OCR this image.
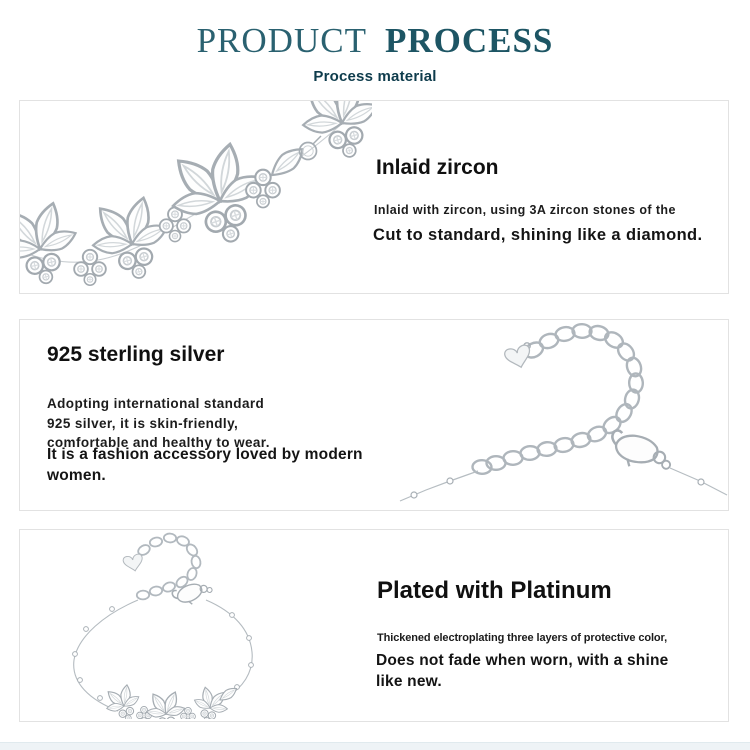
PRODUCT PROCESS
Process material
Inlaid zircon

Inlaid with zircon, using 3A zircon stones of the

Cut to standard, shining like a diamond.

925 sterling silver
Adopting international standard
925 silver, it is skin-friendly,
comfortable and healthy to wear.

It is a fashion accessory loved by modern women.

Plated with Platinum

Thickened electroplating three layers of protective color,

Does not fade when worn, with a shine like new.
